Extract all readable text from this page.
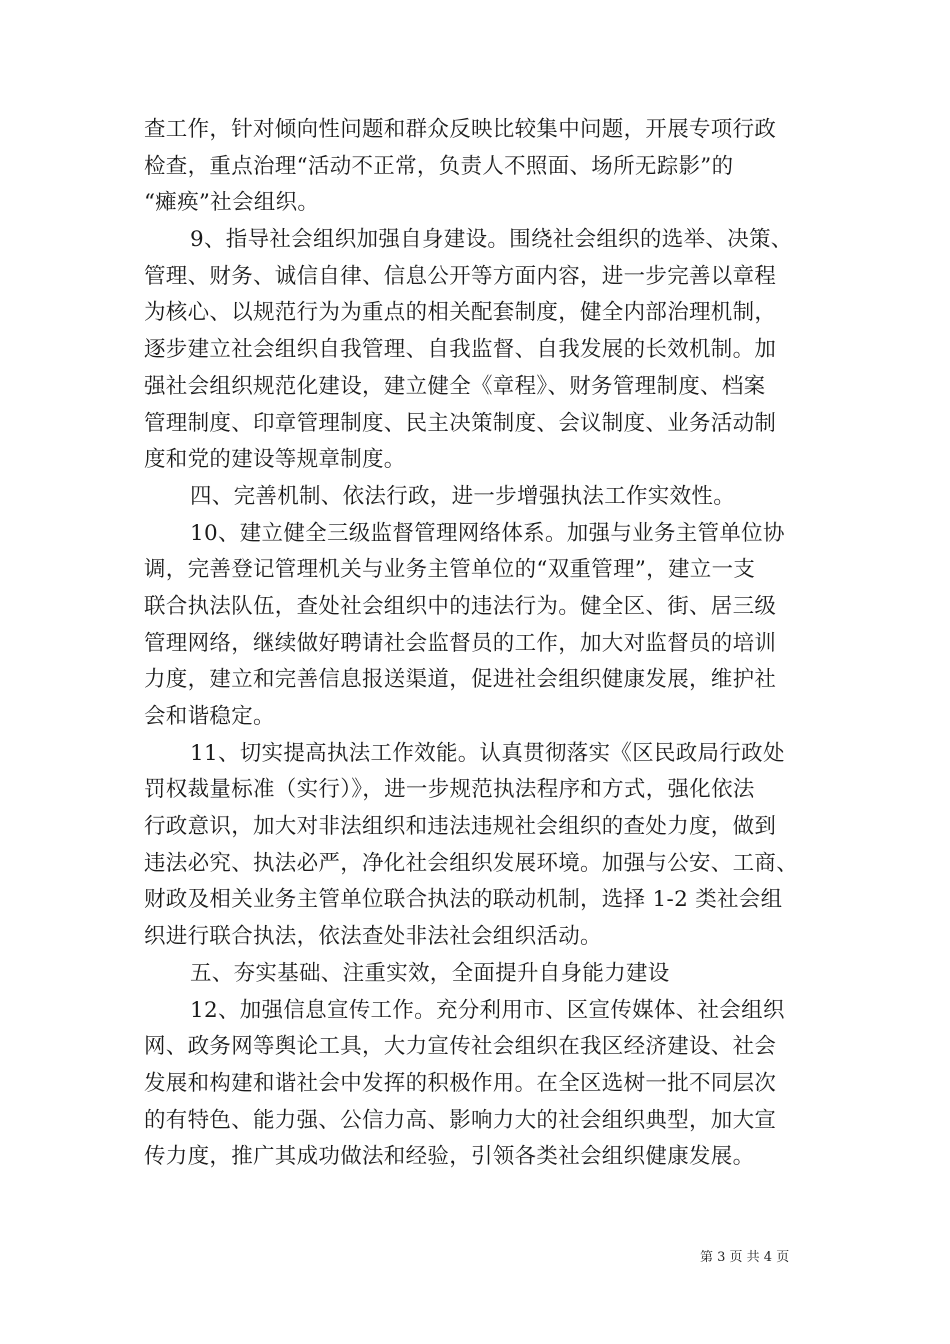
查工作，针对倾向性问题和群众反映比较集中问题，开展专项行政
检查，重点治理“活动不正常，负责人不照面、场所无踪影”的
“瘫痪”社会组织。
9、指导社会组织加强自身建设。围绕社会组织的选举、决策、
管理、财务、诚信自律、信息公开等方面内容，进一步完善以章程
为核心、以规范行为为重点的相关配套制度，健全内部治理机制，
逐步建立社会组织自我管理、自我监督、自我发展的长效机制。加
强社会组织规范化建设，建立健全《章程》、财务管理制度、档案
管理制度、印章管理制度、民主决策制度、会议制度、业务活动制
度和党的建设等规章制度。
四、完善机制、依法行政，进一步增强执法工作实效性。
10、建立健全三级监督管理网络体系。加强与业务主管单位协
调，完善登记管理机关与业务主管单位的“双重管理”，建立一支
联合执法队伍，查处社会组织中的违法行为。健全区、街、居三级
管理网络，继续做好聘请社会监督员的工作，加大对监督员的培训
力度，建立和完善信息报送渠道，促进社会组织健康发展，维护社
会和谐稳定。
11、切实提高执法工作效能。认真贯彻落实《区民政局行政处
罚权裁量标准（实行）》，进一步规范执法程序和方式，强化依法
行政意识，加大对非法组织和违法违规社会组织的查处力度，做到
违法必究、执法必严，净化社会组织发展环境。加强与公安、工商、
财政及相关业务主管单位联合执法的联动机制，选择 1-2 类社会组
织进行联合执法，依法查处非法社会组织活动。
五、夯实基础、注重实效，全面提升自身能力建设
12、加强信息宣传工作。充分利用市、区宣传媒体、社会组织
网、政务网等舆论工具，大力宣传社会组织在我区经济建设、社会
发展和构建和谐社会中发挥的积极作用。在全区选树一批不同层次
的有特色、能力强、公信力高、影响力大的社会组织典型，加大宣
传力度，推广其成功做法和经验，引领各类社会组织健康发展。
第 3 页 共 4 页
